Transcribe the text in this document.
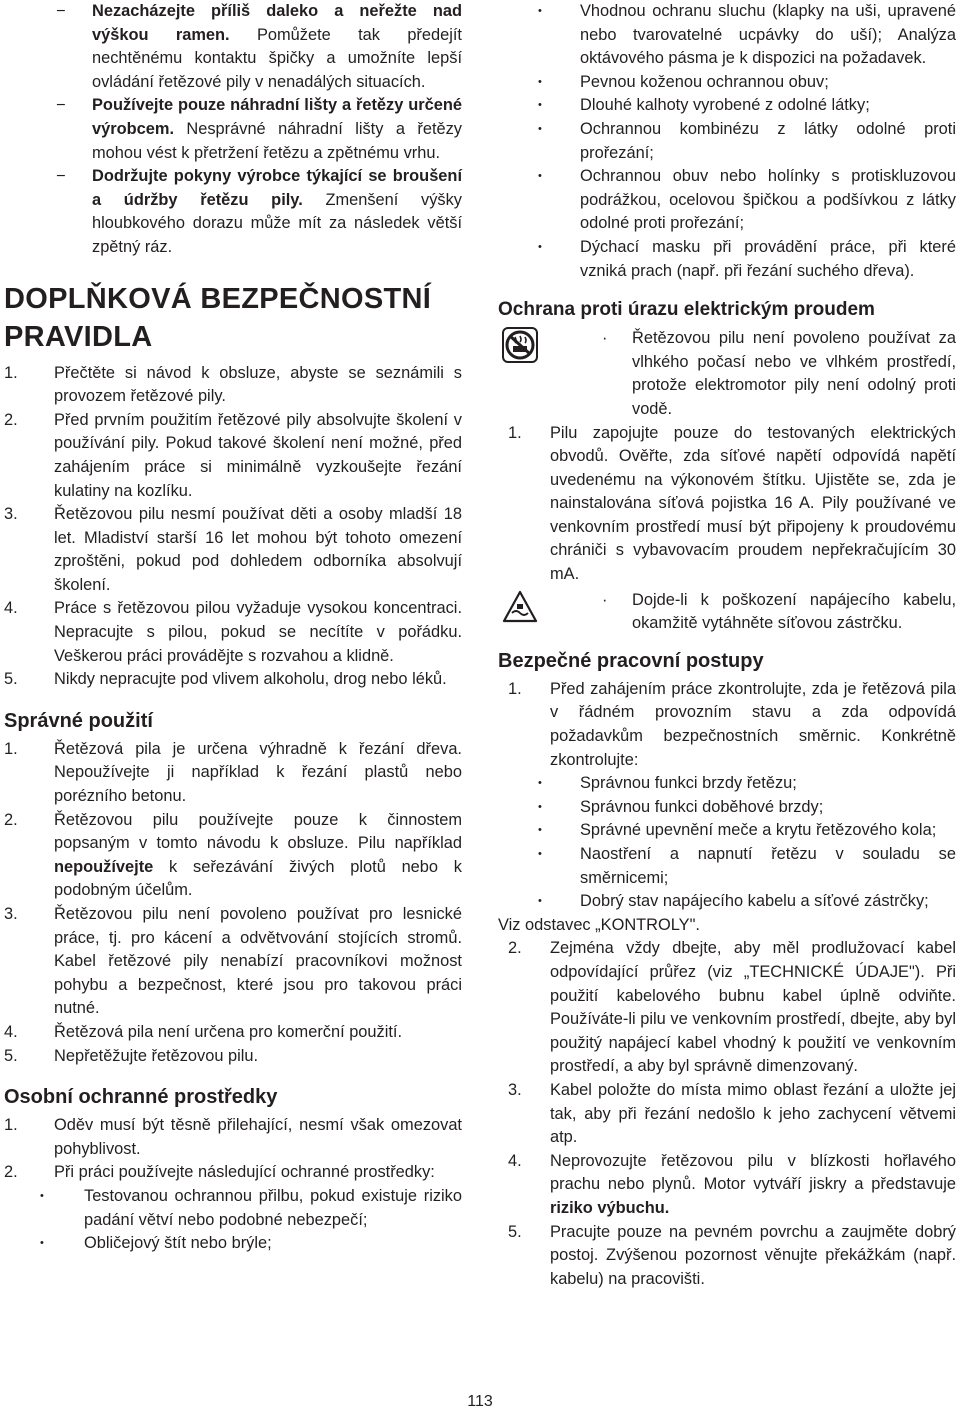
− Nezacházejte příliš daleko a neřežte nad výškou ramen. Pomůžete tak předejít nechtěnému kontaktu špičky a umožníte lepší ovládání řetězové pily v nenadálých situacích.
− Používejte pouze náhradní lišty a řetězy určené výrobcem. Nesprávné náhradní lišty a řetězy mohou vést k přetržení řetězu a zpětnému vrhu.
− Dodržujte pokyny výrobce týkající se broušení a údržby řetězu pily. Zmenšení výšky hloubkového dorazu může mít za následek větší zpětný ráz.
DOPLŇKOVÁ BEZPEČNOSTNÍ PRAVIDLA
1. Přečtěte si návod k obsluze, abyste se seznámili s provozem řetězové pily.
2. Před prvním použitím řetězové pily absolvujte školení v používání pily. Pokud takové školení není možné, před zahájením práce si minimálně vyzkoušejte řezání kulatiny na kozlíku.
3. Řetězovou pilu nesmí používat děti a osoby mladší 18 let. Mladiství starší 16 let mohou být tohoto omezení zproštěni, pokud pod dohledem odborníka absolvují školení.
4. Práce s řetězovou pilou vyžaduje vysokou koncentraci. Nepracujte s pilou, pokud se necítíte v pořádku. Veškerou práci provádějte s rozvahou a klidně.
5. Nikdy nepracujte pod vlivem alkoholu, drog nebo léků.
Správné použití
1. Řetězová pila je určena výhradně k řezání dřeva. Nepoužívejte ji například k řezání plastů nebo porézního betonu.
2. Řetězovou pilu používejte pouze k činnostem popsaným v tomto návodu k obsluze. Pilu například nepoužívejte k seřezávání živých plotů nebo k podobným účelům.
3. Řetězovou pilu není povoleno používat pro lesnické práce, tj. pro kácení a odvětvování stojících stromů. Kabel řetězové pily nenabízí pracovníkovi možnost pohybu a bezpečnost, které jsou pro takovou práci nutné.
4. Řetězová pila není určena pro komerční použití.
5. Nepřetěžujte řetězovou pilu.
Osobní ochranné prostředky
1. Oděv musí být těsně přilehající, nesmí však omezovat pohyblivost.
2. Při práci používejte následující ochranné prostředky:
• Testovanou ochrannou přilbu, pokud existuje riziko padání větví nebo podobné nebezpečí;
• Obličejový štít nebo brýle;
• Vhodnou ochranu sluchu (klapky na uši, upravené nebo tvarovatelné ucpávky do uší); Analýza oktávového pásma je k dispozici na požadavek.
• Pevnou koženou ochrannou obuv;
• Dlouhé kalhoty vyrobené z odolné látky;
• Ochrannou kombinézu z látky odolné proti prořezání;
• Ochrannou obuv nebo holínky s protiskluzovou podrážkou, ocelovou špičkou a podšívkou z látky odolné proti prořezání;
• Dýchací masku při provádění práce, při které vzniká prach (např. při řezání suchého dřeva).
Ochrana proti úrazu elektrickým proudem
· Řetězovou pilu není povoleno používat za vlhkého počasí nebo ve vlhkém prostředí, protože elektromotor pily není odolný proti vodě.

1. Pilu zapojujte pouze do testovaných elektrických obvodů. Ověřte, zda síťové napětí odpovídá napětí uvedenému na výkonovém štítku. Ujistěte se, zda je nainstalována síťová pojistka 16 A. Pily používané ve venkovním prostředí musí být připojeny k proudovému chrániči s vybavovacím proudem nepřekračujícím 30 mA.
· Dojde-li k poškození napájecího kabelu, okamžitě vytáhněte síťovou zástrčku.

Bezpečné pracovní postupy
1. Před zahájením práce zkontrolujte, zda je řetězová pila v řádném provozním stavu a zda odpovídá požadavkům bezpečnostních směrnic. Konkrétně zkontrolujte:
• Správnou funkci brzdy řetězu;
• Správnou funkci doběhové brzdy;
• Správné upevnění meče a krytu řetězového kola;
• Naostření a napnutí řetězu v souladu se směrnicemi;
• Dobrý stav napájecího kabelu a síťové zástrčky;

Viz odstavec „KONTROLY".

2. Zejména vždy dbejte, aby měl prodlužovací kabel odpovídající průřez (viz „TECHNICKÉ ÚDAJE"). Při použití kabelového bubnu kabel úplně odviňte. Používáte-li pilu ve venkovním prostředí, dbejte, aby byl použitý napájecí kabel vhodný k použití ve venkovním prostředí, a aby byl správně dimenzovaný.
3. Kabel položte do místa mimo oblast řezání a uložte jej tak, aby při řezání nedošlo k jeho zachycení větvemi atp.
4. Neprovozujte řetězovou pilu v blízkosti hořlavého prachu nebo plynů. Motor vytváří jiskry a představuje riziko výbuchu.
5. Pracujte pouze na pevném povrchu a zaujměte dobrý postoj. Zvýšenou pozornost věnujte překážkám (např. kabelu) na pracovišti.
113
